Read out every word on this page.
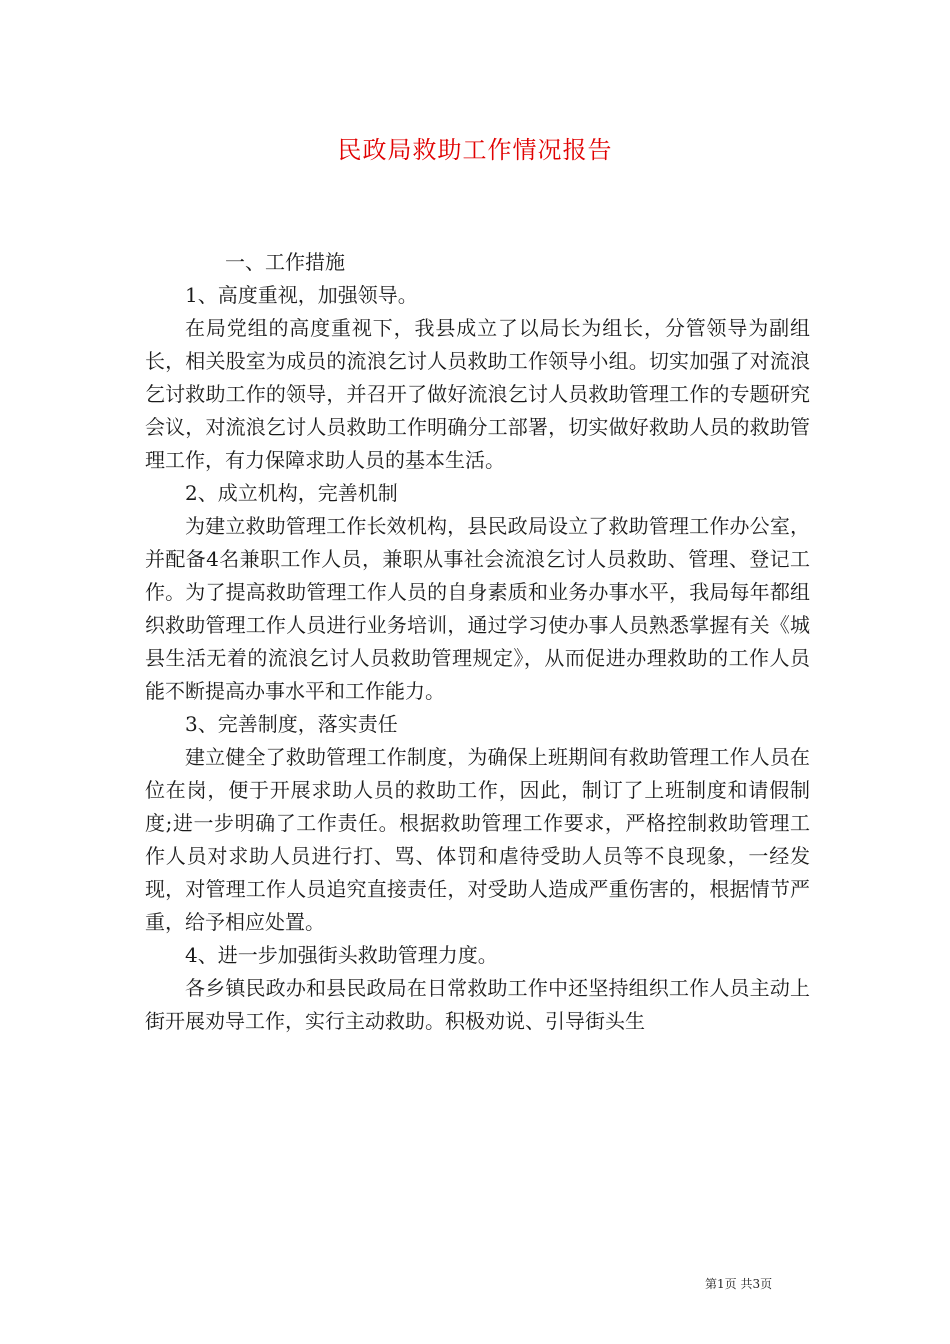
民政局救助工作情况报告

一、工作措施

1、高度重视，加强领导。

在局党组的高度重视下，我县成立了以局长为组长，分管领导为副组长，相关股室为成员的流浪乞讨人员救助工作领导小组。切实加强了对流浪乞讨救助工作的领导，并召开了做好流浪乞讨人员救助管理工作的专题研究会议，对流浪乞讨人员救助工作明确分工部署，切实做好救助人员的救助管理工作，有力保障求助人员的基本生活。

2、成立机构，完善机制

为建立救助管理工作长效机构，县民政局设立了救助管理工作办公室，并配备4名兼职工作人员，兼职从事社会流浪乞讨人员救助、管理、登记工作。为了提高救助管理工作人员的自身素质和业务办事水平，我局每年都组织救助管理工作人员进行业务培训，通过学习使办事人员熟悉掌握有关《城县生活无着的流浪乞讨人员救助管理规定》，从而促进办理救助的工作人员能不断提高办事水平和工作能力。

3、完善制度，落实责任

建立健全了救助管理工作制度，为确保上班期间有救助管理工作人员在位在岗，便于开展求助人员的救助工作，因此，制订了上班制度和请假制度;进一步明确了工作责任。根据救助管理工作要求，严格控制救助管理工作人员对求助人员进行打、骂、体罚和虐待受助人员等不良现象，一经发现，对管理工作人员追究直接责任，对受助人造成严重伤害的，根据情节严重，给予相应处置。

4、进一步加强街头救助管理力度。

各乡镇民政办和县民政局在日常救助工作中还坚持组织工作人员主动上街开展劝导工作，实行主动救助。积极劝说、引导街头生

第1页 共3页
